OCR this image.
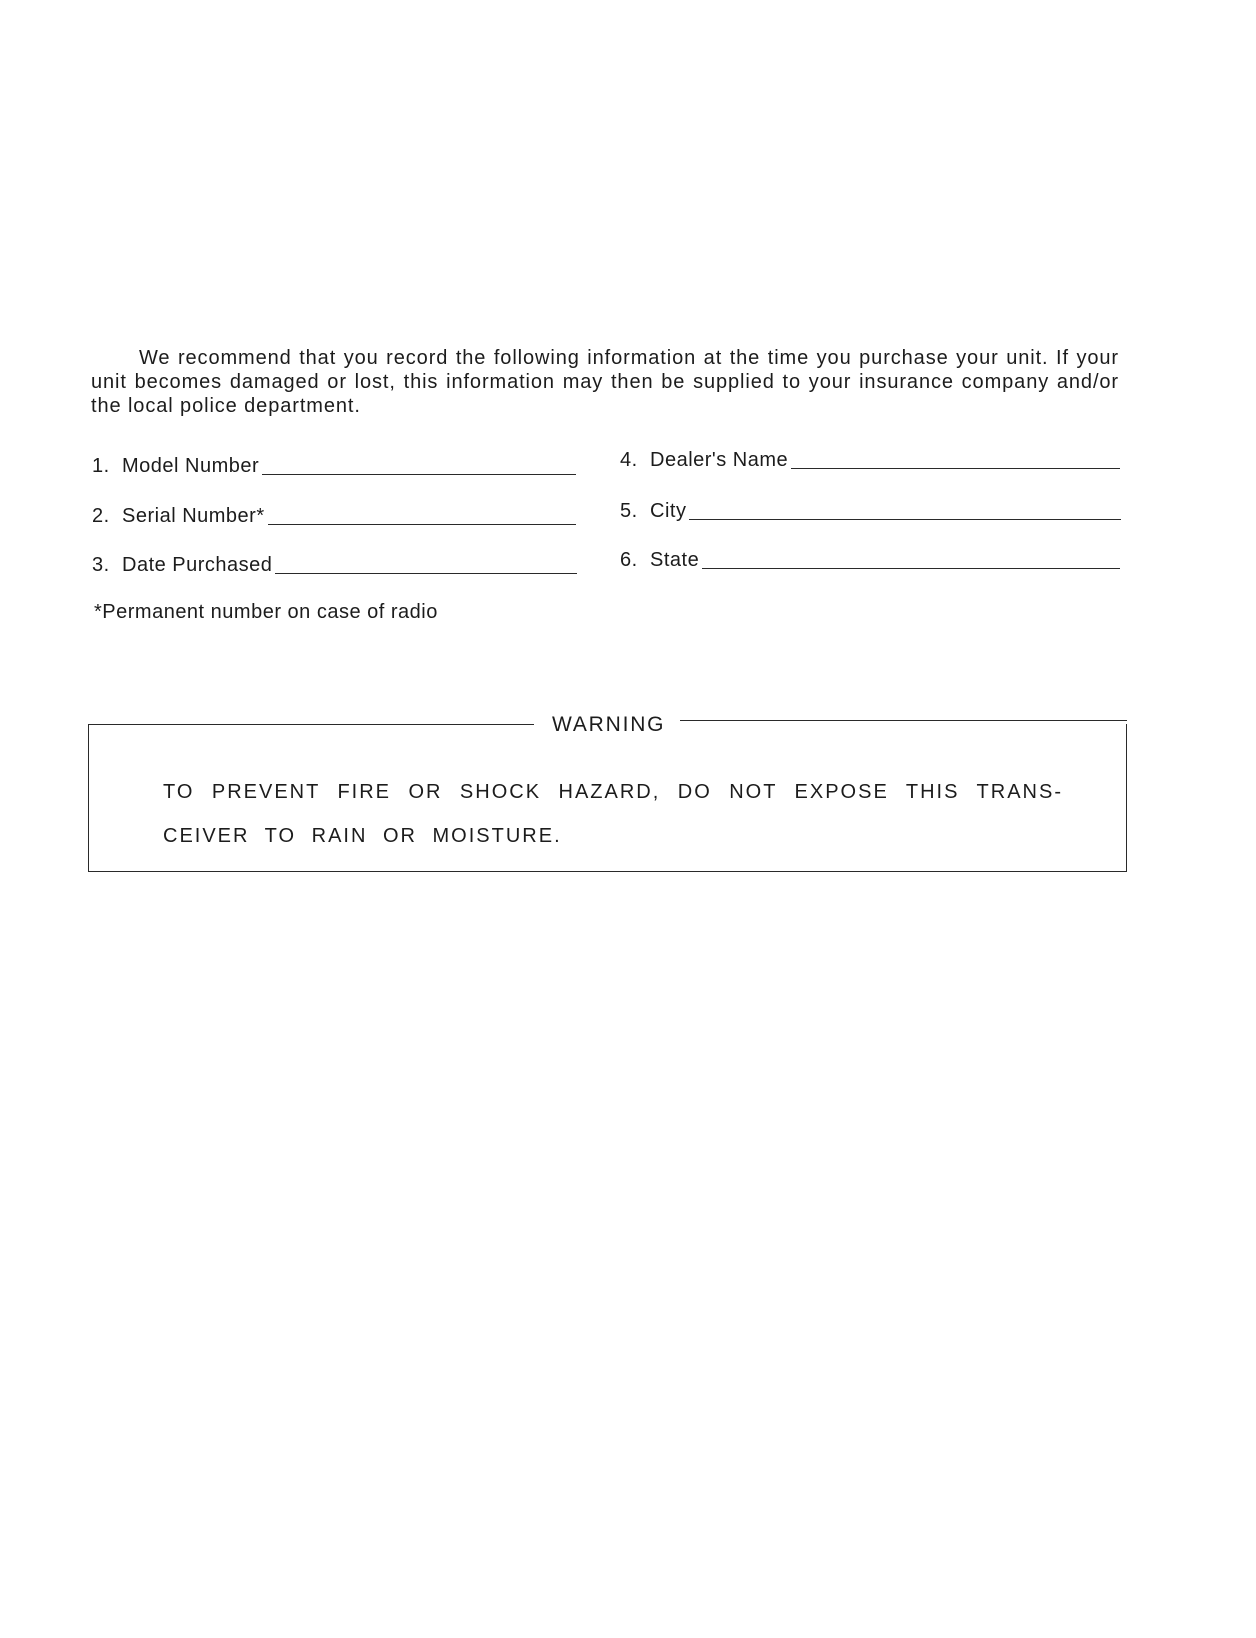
We recommend that you record the following information at the time you purchase your unit. If your unit becomes damaged or lost, this information may then be supplied to your insurance company and/or the local police department.

1. Model Number
2. Serial Number*
3. Date Purchased
4. Dealer's Name
5. City
6. State
*Permanent number on case of radio
WARNING
TO PREVENT FIRE OR SHOCK HAZARD, DO NOT EXPOSE THIS TRANS-CEIVER TO RAIN OR MOISTURE.
